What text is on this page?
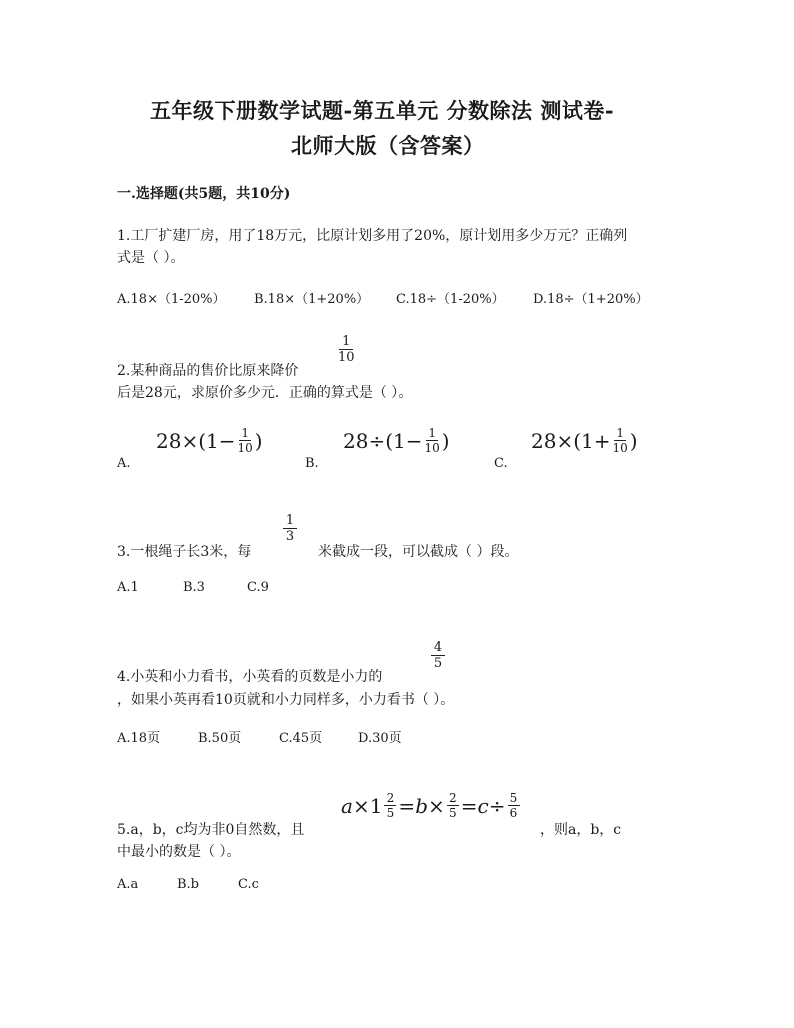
五年级下册数学试题-第五单元 分数除法 测试卷-
北师大版（含答案）
一.选择题(共5题，共10分)
1.工厂扩建厂房，用了18万元，比原计划多用了20%，原计划用多少万元？正确列
式是（ ）。
A.18×（1-20%） B.18×（1+20%） C.18÷（1-20%） D.18÷（1+20%）
2.某种商品的售价比原来降价
1
10
后是28元，求原价多少元．正确的算式是（ ）。
A.
28×(1− 1
10 )
B.
28÷(1− 1
10 )
C.
28×(1+ 1
10 )
3.一根绳子长3米，每
1
3
米截成一段，可以截成（ ）段。
A.1	B.3	C.9
4.小英和小力看书，小英看的页数是小力的
4
5
，如果小英再看10页就和小力同样多，小力看书（ ）。
A.18页	B.50页	C.45页	D.30页
5.a，b，c均为非0自然数，且
a ×1 2
5 = b × 2
5 = c ÷ 5
6
，则a，b，c
中最小的数是（ ）。
A.a	B.b	C.c
